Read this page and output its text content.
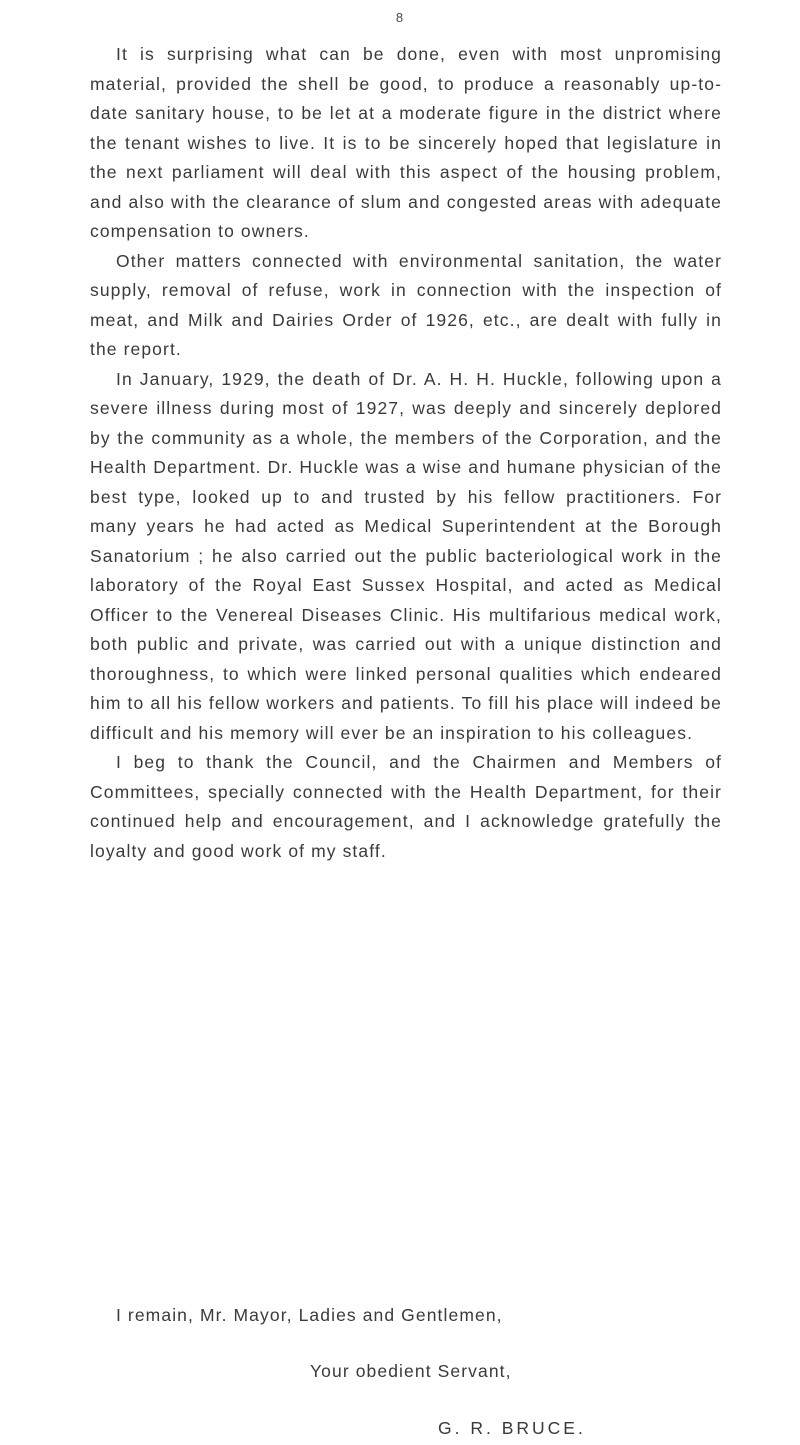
8

It is surprising what can be done, even with most unpromising material, provided the shell be good, to produce a reasonably up-to-date sanitary house, to be let at a moderate figure in the district where the tenant wishes to live. It is to be sincerely hoped that legislature in the next parliament will deal with this aspect of the housing problem, and also with the clearance of slum and congested areas with adequate compensation to owners.

Other matters connected with environmental sanitation, the water supply, removal of refuse, work in connection with the inspection of meat, and Milk and Dairies Order of 1926, etc., are dealt with fully in the report.

In January, 1929, the death of Dr. A. H. H. Huckle, following upon a severe illness during most of 1927, was deeply and sincerely deplored by the community as a whole, the members of the Corporation, and the Health Department. Dr. Huckle was a wise and humane physician of the best type, looked up to and trusted by his fellow practitioners. For many years he had acted as Medical Superintendent at the Borough Sanatorium ; he also carried out the public bacteriological work in the laboratory of the Royal East Sussex Hospital, and acted as Medical Officer to the Venereal Diseases Clinic. His multifarious medical work, both public and private, was carried out with a unique distinction and thoroughness, to which were linked personal qualities which endeared him to all his fellow workers and patients. To fill his place will indeed be difficult and his memory will ever be an inspiration to his colleagues.

I beg to thank the Council, and the Chairmen and Members of Committees, specially connected with the Health Department, for their continued help and encouragement, and I acknowledge gratefully the loyalty and good work of my staff.

I remain, Mr. Mayor, Ladies and Gentlemen,
Your obedient Servant,
G. R. BRUCE.
